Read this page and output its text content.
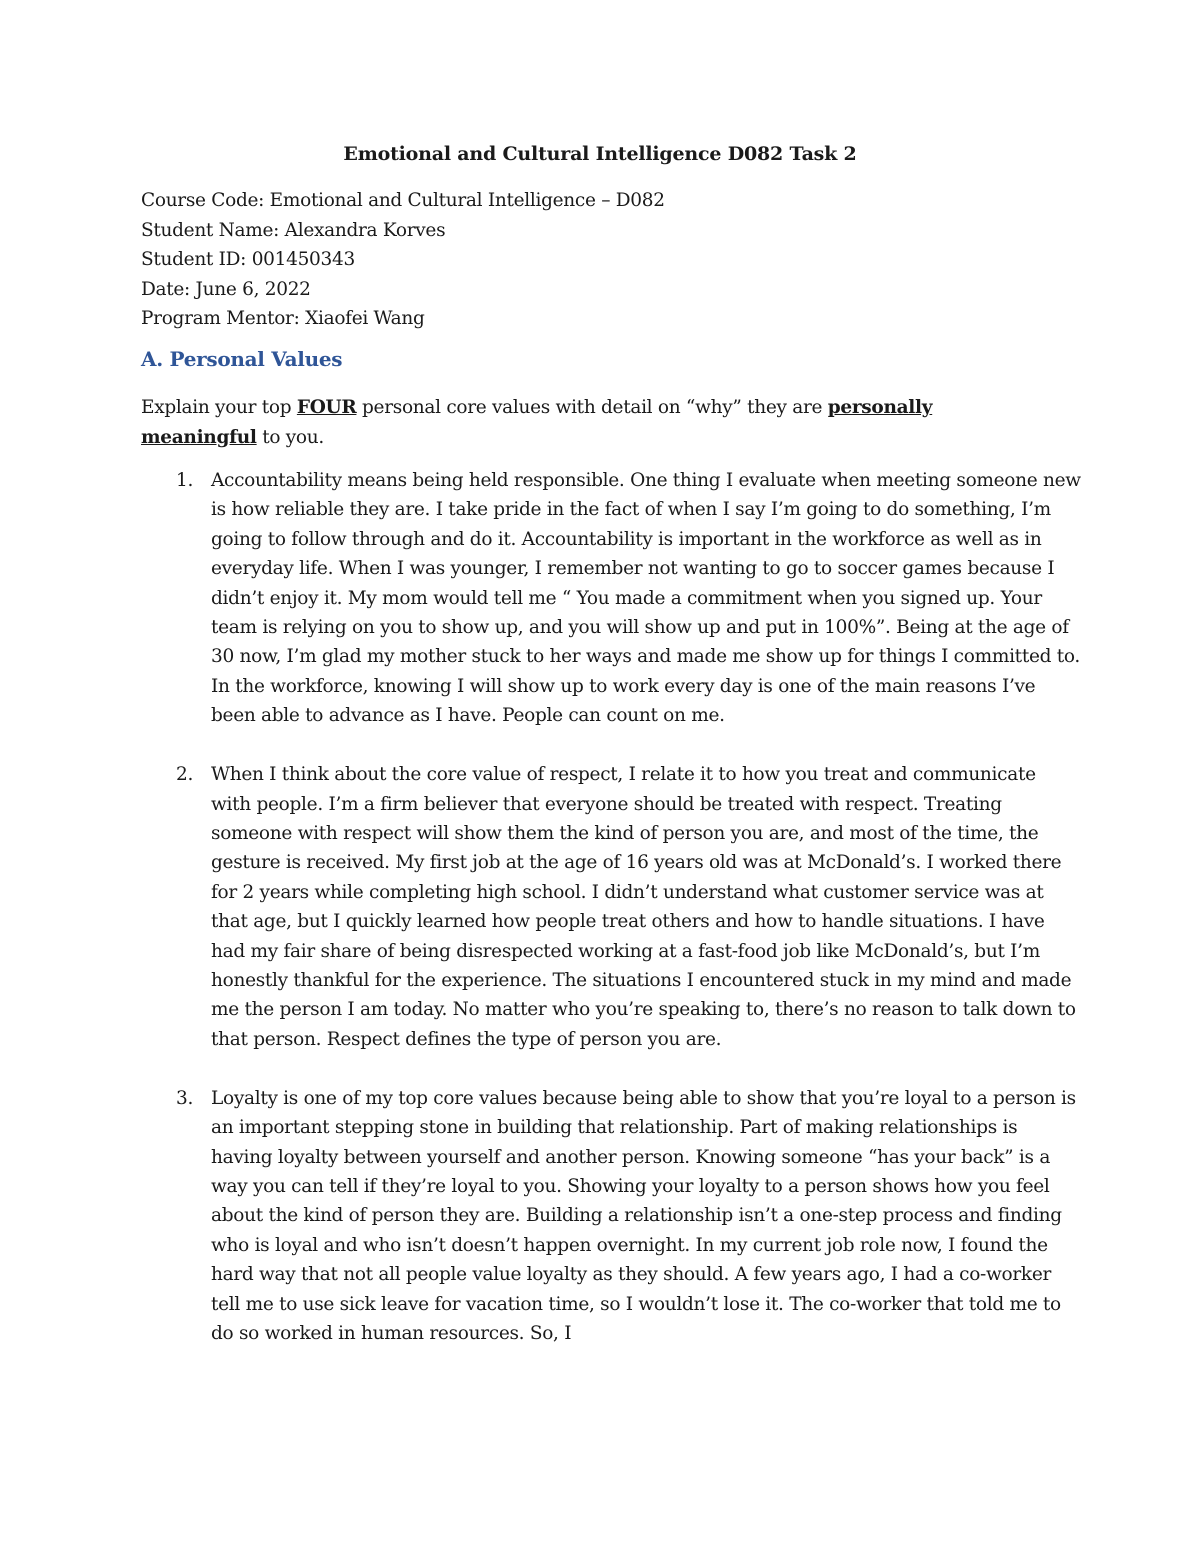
Emotional and Cultural Intelligence D082 Task 2
Course Code: Emotional and Cultural Intelligence – D082
Student Name: Alexandra Korves
Student ID: 001450343
Date: June 6, 2022
Program Mentor: Xiaofei Wang
A. Personal Values
Explain your top FOUR personal core values with detail on “why” they are personally meaningful to you.
1. Accountability means being held responsible. One thing I evaluate when meeting someone new is how reliable they are. I take pride in the fact of when I say I’m going to do something, I’m going to follow through and do it. Accountability is important in the workforce as well as in everyday life. When I was younger, I remember not wanting to go to soccer games because I didn’t enjoy it. My mom would tell me “ You made a commitment when you signed up. Your team is relying on you to show up, and you will show up and put in 100%”. Being at the age of 30 now, I’m glad my mother stuck to her ways and made me show up for things I committed to. In the workforce, knowing I will show up to work every day is one of the main reasons I’ve been able to advance as I have. People can count on me.
2. When I think about the core value of respect, I relate it to how you treat and communicate with people. I’m a firm believer that everyone should be treated with respect. Treating someone with respect will show them the kind of person you are, and most of the time, the gesture is received. My first job at the age of 16 years old was at McDonald’s. I worked there for 2 years while completing high school. I didn’t understand what customer service was at that age, but I quickly learned how people treat others and how to handle situations. I have had my fair share of being disrespected working at a fast-food job like McDonald’s, but I’m honestly thankful for the experience. The situations I encountered stuck in my mind and made me the person I am today. No matter who you’re speaking to, there’s no reason to talk down to that person. Respect defines the type of person you are.
3. Loyalty is one of my top core values because being able to show that you’re loyal to a person is an important stepping stone in building that relationship. Part of making relationships is having loyalty between yourself and another person. Knowing someone “has your back” is a way you can tell if they’re loyal to you. Showing your loyalty to a person shows how you feel about the kind of person they are. Building a relationship isn’t a one-step process and finding who is loyal and who isn’t doesn’t happen overnight. In my current job role now, I found the hard way that not all people value loyalty as they should. A few years ago, I had a co-worker tell me to use sick leave for vacation time, so I wouldn’t lose it. The co-worker that told me to do so worked in human resources. So, I
